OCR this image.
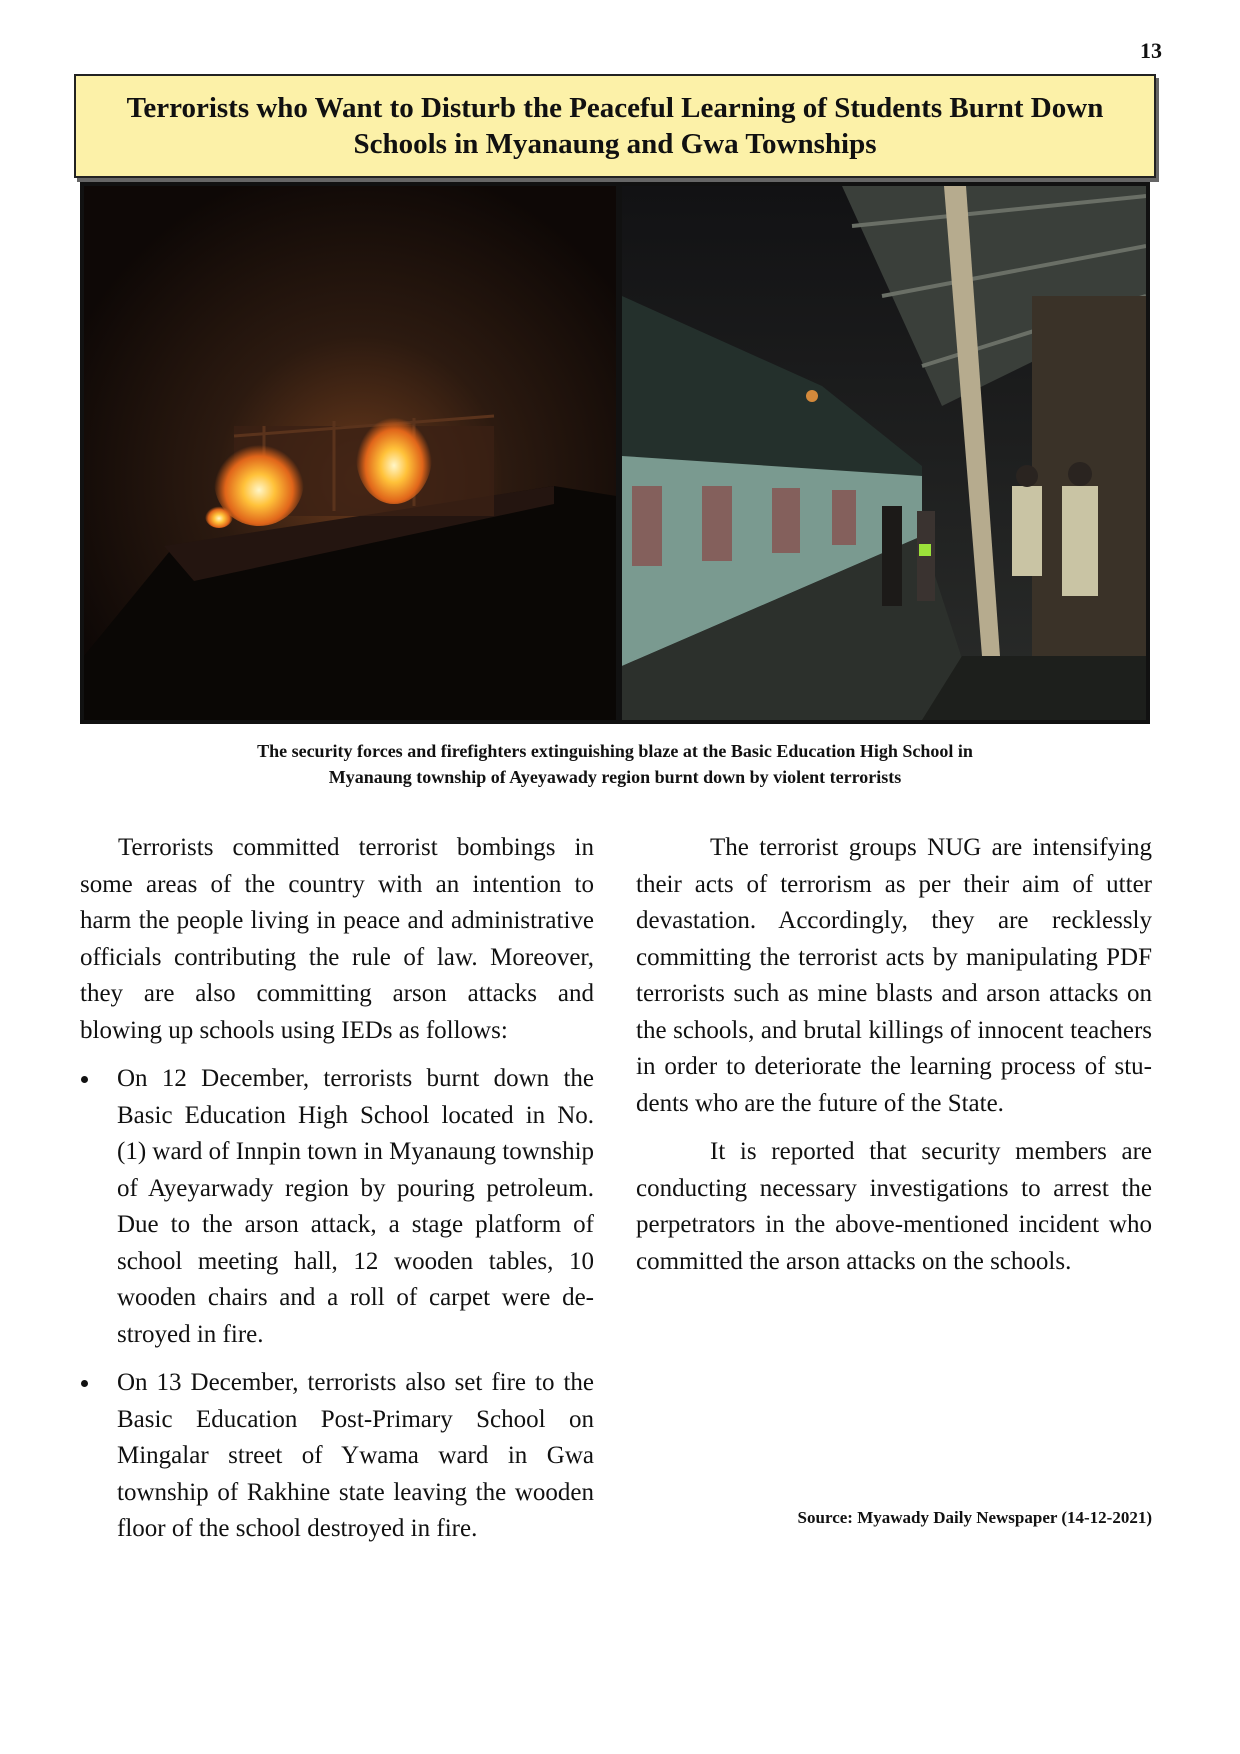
13
Terrorists who Want to Disturb the Peaceful Learning of Students Burnt Down
Schools in Myanaung and Gwa Townships
The security forces and firefighters extinguishing blaze at the Basic Education High School in
Myanaung township of Ayeyawady region burnt down by violent terrorists

Terrorists committed terrorist bombings in some areas of the country with an intention to harm the people living in peace and administrative officials contributing the rule of law. Moreover, they are also committing arson attacks and blowing up schools using IEDs as follows:

On 12 December, terrorists burnt down the Basic Education High School located in No. (1) ward of Innpin town in Myanaung township of Ayeyarwady region by pouring petroleum. Due to the arson attack, a stage platform of school meeting hall, 12 wooden tables, 10 wooden chairs and a roll of carpet were destroyed in fire.
On 13 December, terrorists also set fire to the Basic Education Post-Primary School on Mingalar street of Ywama ward in Gwa township of Rakhine state leaving the wooden floor of the school destroyed in fire.

The terrorist groups NUG are intensifying their acts of terrorism as per their aim of utter devastation. Accordingly, they are recklessly committing the terrorist acts by manipulating PDF terrorists such as mine blasts and arson attacks on the schools, and brutal killings of innocent teachers in order to deteriorate the learning process of students who are the future of the State.

It is reported that security members are conducting necessary investigations to arrest the perpetrators in the above-mentioned incident who committed the arson attacks on the schools.

Source: Myawady Daily Newspaper (14-12-2021)
